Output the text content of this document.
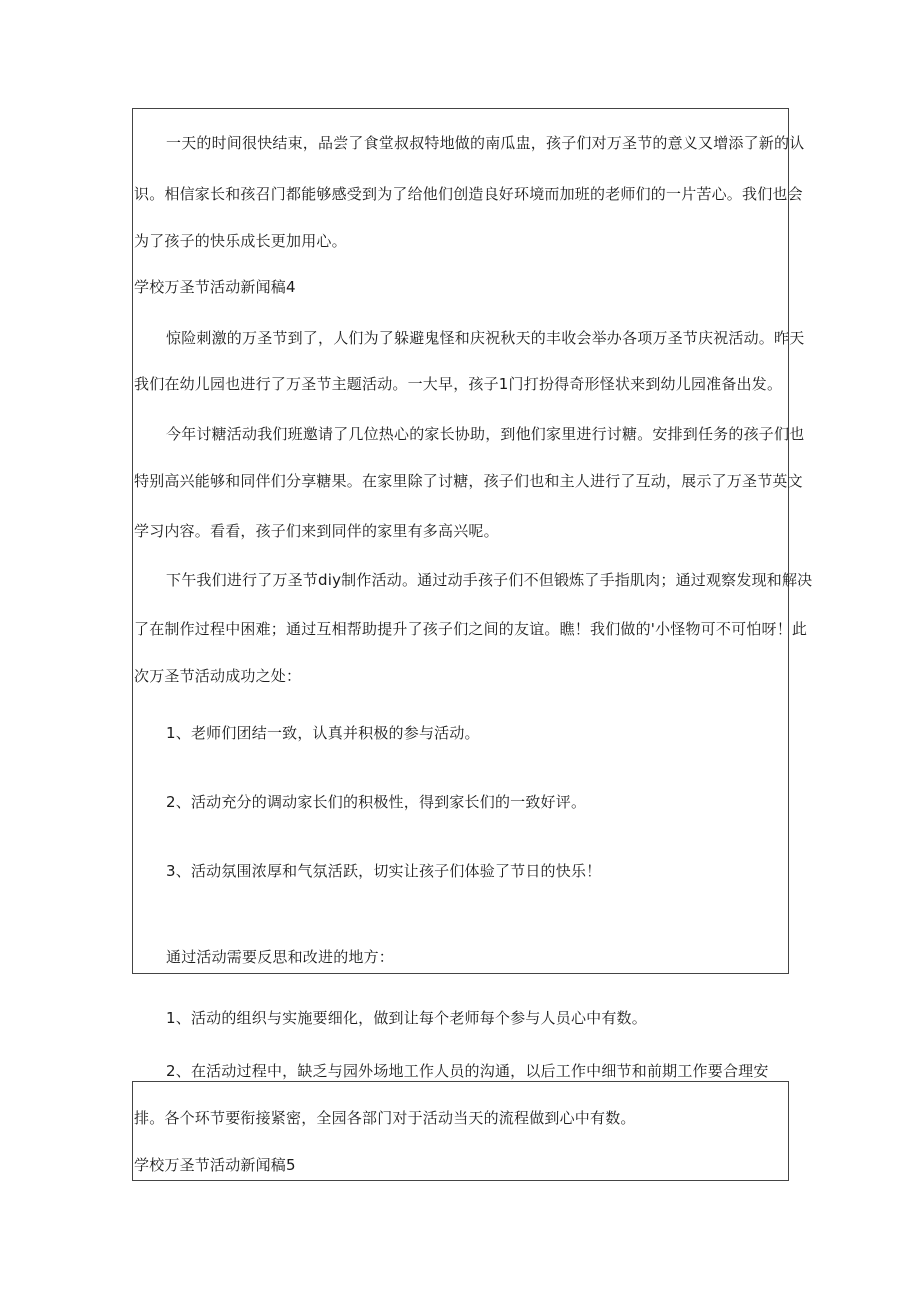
一天的时间很快结束，品尝了食堂叔叔特地做的南瓜盅，孩子们对万圣节的意义又增添了新的认
识。相信家长和孩召门都能够感受到为了给他们创造良好环境而加班的老师们的一片苦心。我们也会
为了孩子的快乐成长更加用心。
学校万圣节活动新闻稿4
惊险刺激的万圣节到了，人们为了躲避鬼怪和庆祝秋天的丰收会举办各项万圣节庆祝活动。昨天
我们在幼儿园也进行了万圣节主题活动。一大早，孩子1门打扮得奇形怪状来到幼儿园准备出发。
今年讨糖活动我们班邀请了几位热心的家长协助，到他们家里进行讨糖。安排到任务的孩子们也
特别高兴能够和同伴们分享糖果。在家里除了讨糖，孩子们也和主人进行了互动，展示了万圣节英文
学习内容。看看，孩子们来到同伴的家里有多高兴呢。
下午我们进行了万圣节diy制作活动。通过动手孩子们不但锻炼了手指肌肉；通过观察发现和解决
了在制作过程中困难；通过互相帮助提升了孩子们之间的友谊。瞧！我们做的'小怪物可不可怕呀！此
次万圣节活动成功之处：
1、老师们团结一致，认真并积极的参与活动。
2、活动充分的调动家长们的积极性，得到家长们的一致好评。
3、活动氛围浓厚和气氛活跃，切实让孩子们体验了节日的快乐！
通过活动需要反思和改进的地方：
1、活动的组织与实施要细化，做到让每个老师每个参与人员心中有数。
2、在活动过程中，缺乏与园外场地工作人员的沟通，以后工作中细节和前期工作要合理安
排。各个环节要衔接紧密，全园各部门对于活动当天的流程做到心中有数。
学校万圣节活动新闻稿5
